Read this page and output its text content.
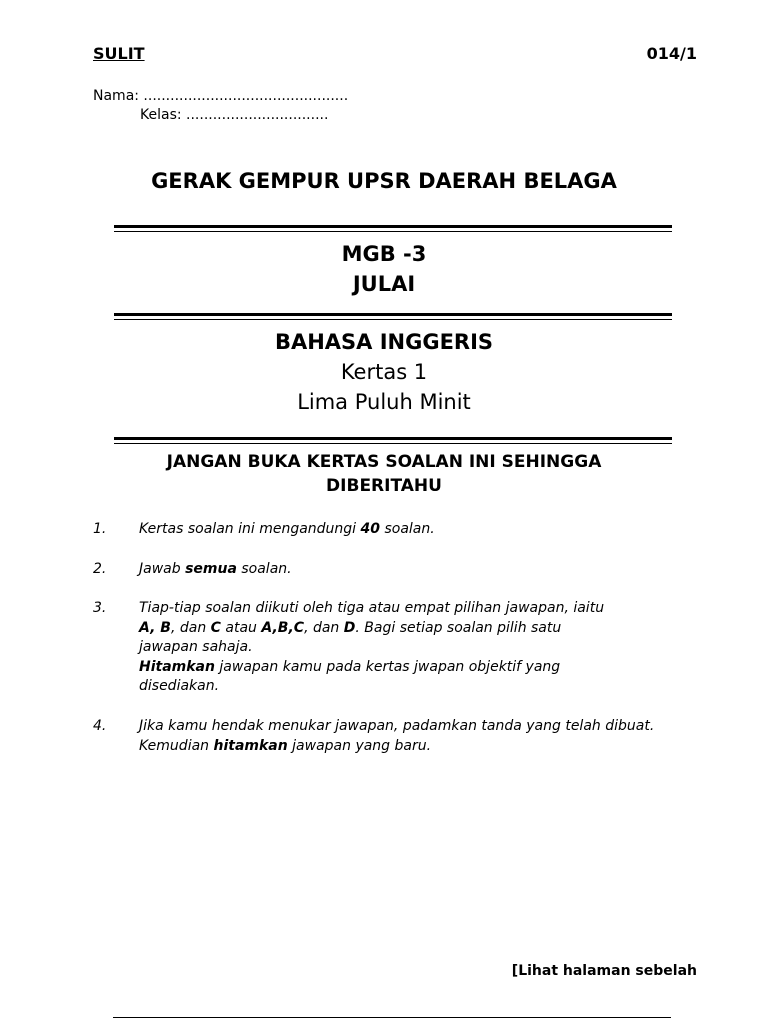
SULIT	014/1
Nama: ..............................................
Kelas: ................................
GERAK GEMPUR UPSR DAERAH BELAGA
MGB -3
JULAI
BAHASA INGGERIS
Kertas 1
Lima Puluh Minit
JANGAN BUKA KERTAS SOALAN INI SEHINGGA DIBERITAHU
1. Kertas soalan ini mengandungi 40 soalan.
2. Jawab semua soalan.
3. Tiap-tiap soalan diikuti oleh tiga atau empat pilihan jawapan, iaitu
A, B, dan C atau A,B,C, dan D. Bagi setiap soalan pilih satu jawapan sahaja.
Hitamkan jawapan kamu pada kertas jwapan objektif yang disediakan.
4. Jika kamu hendak menukar jawapan, padamkan tanda yang telah dibuat.
Kemudian hitamkan jawapan yang baru.
[Lihat halaman sebelah
